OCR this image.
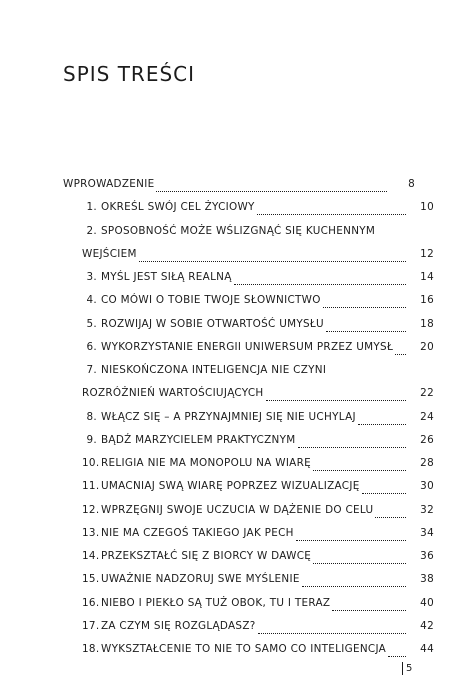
SPIS TREŚCI
WPROWADZENIE	8
1. OKREŚL SWÓJ CEL ŻYCIOWY	10
2. SPOSOBNOŚĆ MOŻE WŚLIZGNĄĆ SIĘ KUCHENNYM
WEJŚCIEM	12
3. MYŚL JEST SIŁĄ REALNĄ	14
4. CO MÓWI O TOBIE TWOJE SŁOWNICTWO	16
5. ROZWIJAJ W SOBIE OTWARTOŚĆ UMYSŁU	18
6. WYKORZYSTANIE ENERGII UNIWERSUM PRZEZ UMYSŁ	20
7. NIESKOŃCZONA INTELIGENCJA NIE CZYNI
ROZRÓŻNIEŃ WARTOŚCIUJĄCYCH	22
8. WŁĄCZ SIĘ – A PRZYNAJMNIEJ SIĘ NIE UCHYLAJ	24
9. BĄDŹ MARZYCIELEM PRAKTYCZNYM	26
10. RELIGIA NIE MA MONOPOLU NA WIARĘ	28
11. UMACNIAJ SWĄ WIARĘ POPRZEZ WIZUALIZACJĘ	30
12. WPRZĘGNIJ SWOJE UCZUCIA W DĄŻENIE DO CELU	32
13. NIE MA CZEGOŚ TAKIEGO JAK PECH	34
14. PRZEKSZTAŁĆ SIĘ Z BIORCY W DAWCĘ	36
15. UWAŻNIE NADZORUJ SWE MYŚLENIE	38
16. NIEBO I PIEKŁO SĄ TUŻ OBOK, TU I TERAZ	40
17. ZA CZYM SIĘ ROZGLĄDASZ?	42
18. WYKSZTAŁCENIE TO NIE TO SAMO CO INTELIGENCJA	44
5
